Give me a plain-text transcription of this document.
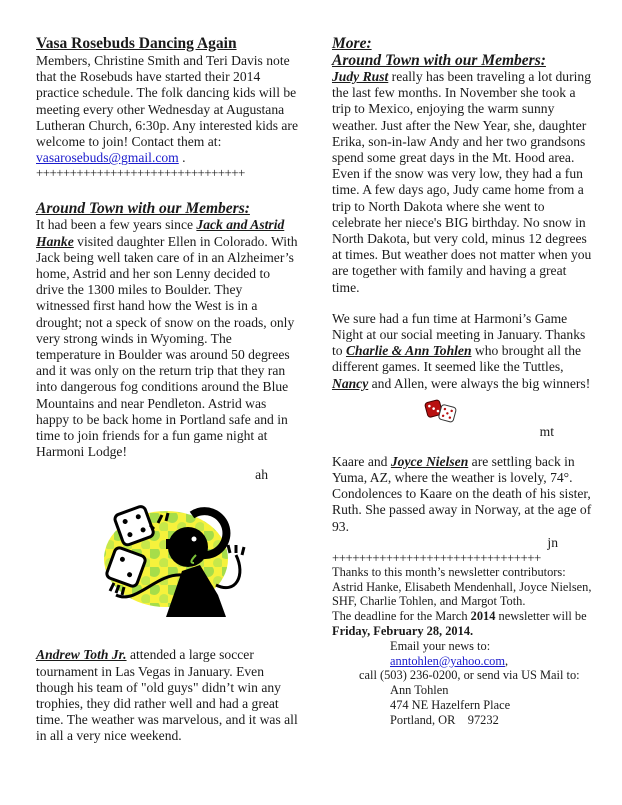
Vasa Rosebuds Dancing Again

Members, Christine Smith and Teri Davis note that the Rosebuds have started their 2014 practice schedule. The folk dancing kids will be meeting every other Wednesday at Augustana Lutheran Church, 6:30p. Any interested kids are welcome to join! Contact them at: vasarosebuds@gmail.com .

+++++++++++++++++++++++++++++++

Around Town with our Members:

It had been a few years since Jack and Astrid Hanke visited daughter Ellen in Colorado. With Jack being well taken care of in an Alzheimer’s home, Astrid and her son Lenny decided to drive the 1300 miles to Boulder. They witnessed first hand how the West is in a drought; not a speck of snow on the roads, only very strong winds in Wyoming. The temperature in Boulder was around 50 degrees and it was only on the return trip that they ran into dangerous fog conditions around the Blue Mountains and near Pendleton. Astrid was happy to be back home in Portland safe and in time to join friends for a fun game night at Harmoni Lodge!

ah

Andrew Toth Jr. attended a large soccer tournament in Las Vegas in January. Even though his team of "old guys" didn’t win any trophies, they did rather well and had a great time. The weather was marvelous, and it was all in all a very nice weekend.

More:

Around Town with our Members:

Judy Rust really has been traveling a lot during the last few months. In November she took a trip to Mexico, enjoying the warm sunny weather. Just after the New Year, she, daughter Erika, son-in-law Andy and her two grandsons spend some great days in the Mt. Hood area. Even if the snow was very low, they had a fun time. A few days ago, Judy came home from a trip to North Dakota where she went to celebrate her niece's BIG birthday. No snow in North Dakota, but very cold, minus 12 degrees at times. But weather does not matter when you are together with family and having a great time.

We sure had a fun time at Harmoni’s Game Night at our social meeting in January. Thanks to Charlie & Ann Tohlen who brought all the different games. It seemed like the Tuttles, Nancy and Allen, were always the big winners!

mt

Kaare and Joyce Nielsen are settling back in Yuma, AZ, where the weather is lovely, 74°. Condolences to Kaare on the death of his sister, Ruth. She passed away in Norway, at the age of 93.

jn

+++++++++++++++++++++++++++++++

Thanks to this month’s newsletter contributors: Astrid Hanke, Elisabeth Mendenhall, Joyce Nielsen, SHF, Charlie Tohlen, and Margot Toth.

The deadline for the March 2014 newsletter will be

Friday, February 28, 2014.

Email your news to:

anntohlen@yahoo.com,

call (503) 236-0200, or send via US Mail to:

Ann Tohlen

474 NE Hazelfern Place

Portland, OR    97232
